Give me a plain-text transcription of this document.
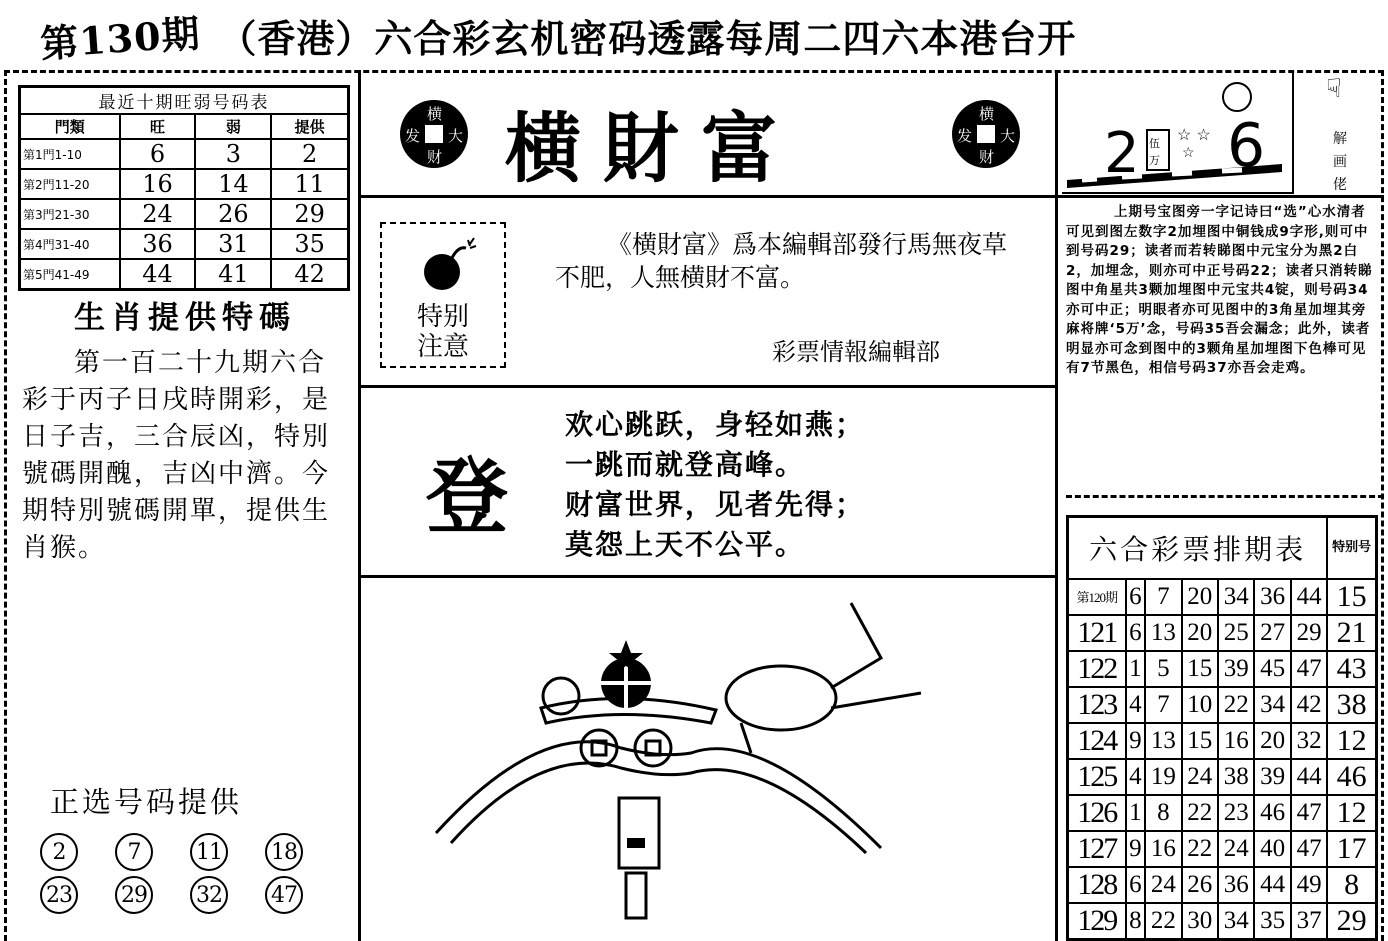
第130期 （香港）六合彩玄机密码透露每周二四六本港台开
最近十期旺弱号码表			
門類	旺	弱	提供
第1門1-10	6	3	2
第2門11-20	16	14	11
第3門21-30	24	26	29
第4門31-40	36	31	35
第5門41-49	44	41	42
生肖提供特碼
第一百二十九期六合彩于丙子日戌時開彩，是日子吉，三合辰凶，特別號碼開醜，吉凶中濟。今期特別號碼開單，提供生肖猴。
正选号码提供
2	7	11 18
23 29 32 47
横
发 大
财 横財富	横
发 大
财
特别
注意
《横財富》爲本編輯部發行馬無夜草不肥，人無横財不富。
彩票情報編輯部
登
欢心跳跃，身轻如燕；
一跳而就登高峰。
财富世界，见者先得；
莫怨上天不公平。
伍
万
2 6
☆ ☆
☆
☟
解
画
佬
上期号宝图旁一字记诗曰“选”心水清者可见到图左数字2加埋图中铜钱成9字形,则可中到号码29；读者而若转睇图中元宝分为黑2白2，加埋念，则亦可中正号码22；读者只消转睇图中角星共3颗加埋图中元宝共4锭，则号码34亦可中正；明眼者亦可见图中的3角星加埋其旁麻将牌‘5万’念，号码35吾会漏念；此外，读者明显亦可念到图中的3颗角星加埋图下色棒可见有7节黑色，相信号码37亦吾会走鸡。
六合彩票排期表							特别号
第120期	6	7	20	34	36	44	15
121	6	13	20	25	27	29	21
122	1	5	15	39	45	47	43
123	4	7	10	22	34	42	38
124	9	13	15	16	20	32	12
125	4	19	24	38	39	44	46
126	1	8	22	23	46	47	12
127	9	16	22	24	40	47	17
128	6	24	26	36	44	49	8
129	8	22	30	34	35	37	29
